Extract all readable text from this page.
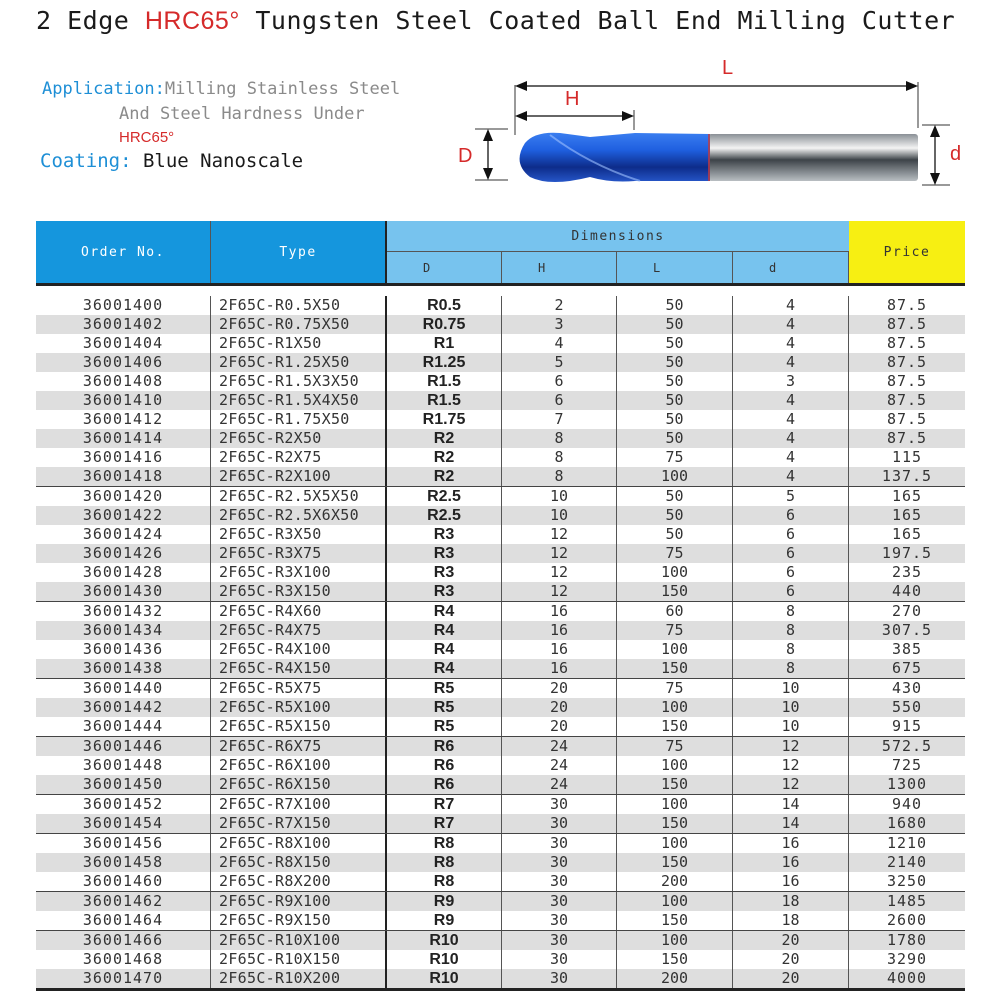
2 Edge HRC65° Tungsten Steel Coated Ball End Milling Cutter
Application:Milling Stainless Steel
And Steel Hardness Under
HRC65°
Coating: Blue Nanoscale
L
H
D	d
Order No.	Type
Dimensions
D	H	L	d
Price
36001400	2F65C-R0.5X50	R0.5	2	50	4	87.5
36001402	2F65C-R0.75X50	R0.75	3	50	4	87.5
36001404	2F65C-R1X50	R1	4	50	4	87.5
36001406	2F65C-R1.25X50	R1.25	5	50	4	87.5
36001408	2F65C-R1.5X3X50	R1.5	6	50	3	87.5
36001410	2F65C-R1.5X4X50	R1.5	6	50	4	87.5
36001412	2F65C-R1.75X50	R1.75	7	50	4	87.5
36001414	2F65C-R2X50	R2	8	50	4	87.5
36001416	2F65C-R2X75	R2	8	75	4	115
36001418	2F65C-R2X100	R2	8	100	4	137.5
36001420	2F65C-R2.5X5X50	R2.5	10	50	5	165
36001422	2F65C-R2.5X6X50	R2.5	10	50	6	165
36001424	2F65C-R3X50	R3	12	50	6	165
36001426	2F65C-R3X75	R3	12	75	6	197.5
36001428	2F65C-R3X100	R3	12	100	6	235
36001430	2F65C-R3X150	R3	12	150	6	440
36001432	2F65C-R4X60	R4	16	60	8	270
36001434	2F65C-R4X75	R4	16	75	8	307.5
36001436	2F65C-R4X100	R4	16	100	8	385
36001438	2F65C-R4X150	R4	16	150	8	675
36001440	2F65C-R5X75	R5	20	75	10	430
36001442	2F65C-R5X100	R5	20	100	10	550
36001444	2F65C-R5X150	R5	20	150	10	915
36001446	2F65C-R6X75	R6	24	75	12	572.5
36001448	2F65C-R6X100	R6	24	100	12	725
36001450	2F65C-R6X150	R6	24	150	12	1300
36001452	2F65C-R7X100	R7	30	100	14	940
36001454	2F65C-R7X150	R7	30	150	14	1680
36001456	2F65C-R8X100	R8	30	100	16	1210
36001458	2F65C-R8X150	R8	30	150	16	2140
36001460	2F65C-R8X200	R8	30	200	16	3250
36001462	2F65C-R9X100	R9	30	100	18	1485
36001464	2F65C-R9X150	R9	30	150	18	2600
36001466	2F65C-R10X100	R10	30	100	20	1780
36001468	2F65C-R10X150	R10	30	150	20	3290
36001470	2F65C-R10X200	R10	30	200	20	4000
